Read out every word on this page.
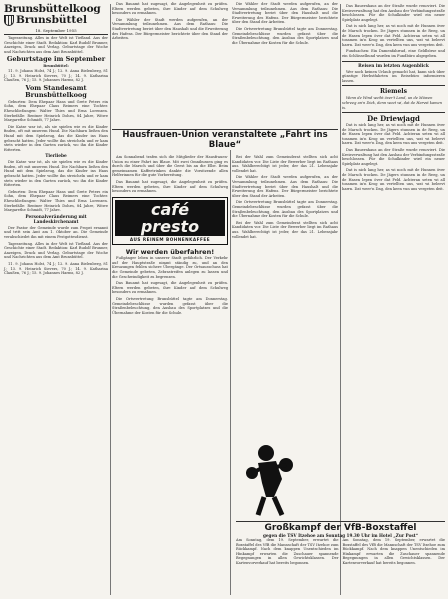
Brunsbüttelkoog
Brunsbüttel
18. September 1955
Tageszeitung. Alles in der Welt ist Tiefland. Aus der Geschichte einer Stadt. Redaktion: Karl Rudolf Brunner, Anzeigen, Druck und Verlag. Geburtstage der Woche und Nachrichten aus dem Amt Brunsbüttel.
Geburtstage im September
Brunsbüttel:
11. 9. Johann Holst, 74 J.; 12. 9. Anna Bielenberg, 81 J.; 13. 9. Heinrich Sievers, 70 J.; 14. 9. Katharina Claußen, 76 J.; 15. 9. Johannes Harms, 82 J.
Vom Standesamt Brunsbüttelkoog
Geburten: Dem Ehepaar Hans und Grete Peters ein Sohn, dem Ehepaar Claus Reimers eine Tochter. Eheschließungen: Walter Thies und Erna Lorenzen. Sterbefälle: Rentner Heinrich Dohrn, 84 Jahre, Witwe Margarethe Schmidt, 77 Jahre.
Die Katze war ist, als sie spielen wie es die Kinder finden, oft mit unserem Hund. Die Nachbarn ließen den Hund mit dem Spielzeug, das die Kinder ins Haus gebracht hatten. Jeder wollte ihn streicheln und er kam stets wieder in den Garten zurück, wo ihn die Kinder fütterten.
Tierliebe
Die Katze war ist, als sie spielen wie es die Kinder finden, oft mit unserem Hund. Die Nachbarn ließen den Hund mit dem Spielzeug, das die Kinder ins Haus gebracht hatten. Jeder wollte ihn streicheln und er kam stets wieder in den Garten zurück, wo ihn die Kinder fütterten.
Geburten: Dem Ehepaar Hans und Grete Peters ein Sohn, dem Ehepaar Claus Reimers eine Tochter. Eheschließungen: Walter Thies und Erna Lorenzen. Sterbefälle: Rentner Heinrich Dohrn, 84 Jahre, Witwe Margarethe Schmidt, 77 Jahre.
Personalveränderung mit Landeskirchenamt
Der Pastor der Gemeinde wurde zum Propst ernannt und tritt sein Amt am 1. Oktober an. Die Gemeinde verabschiedet ihn mit einem Festgottesdienst.
Tageszeitung. Alles in der Welt ist Tiefland. Aus der Geschichte einer Stadt. Redaktion: Karl Rudolf Brunner, Anzeigen, Druck und Verlag. Geburtstage der Woche und Nachrichten aus dem Amt Brunsbüttel.
11. 9. Johann Holst, 74 J.; 12. 9. Anna Bielenberg, 81 J.; 13. 9. Heinrich Sievers, 70 J.; 14. 9. Katharina Claußen, 76 J.; 15. 9. Johannes Harms, 82 J.
Das Bauamt hat zugesagt, die Angelegenheit zu prüfen. Eltern werden gebeten, ihre Kinder auf dem Schulweg besonders zu ermahnen.
Die Wähler der Stadt werden aufgerufen, an der Versammlung teilzunehmen. Aus dem Rathaus: Die Stadtvertretung beriet über den Haushalt und die Erweiterung des Hafens. Der Bürgermeister berichtete über den Stand der Arbeiten.
Am Sonnabend trafen sich die Mitglieder der Hausfrauen-Union zu einer Fahrt ins Blaue. Mit zwei Omnibussen ging es durch die Marsch und über die Geest bis an die Elbe. Beim gemeinsamen Kaffeetrinken dankte die Vorsitzende allen Helferinnen für die gute Vorbereitung.
Das Bauamt hat zugesagt, die Angelegenheit zu prüfen. Eltern werden gebeten, ihre Kinder auf dem Schulweg besonders zu ermahnen.
café presto
AUS REINEM BOHNENKAFFEE
Wir werden überfahren!
Fußgänger leben in unserer Stadt gefährlich. Der Verkehr auf der Hauptstraße nimmt ständig zu, und an den Kreuzungen fehlen sichere Übergänge. Der Ortsausschuss hat die Gemeinde gebeten, Zebrastreifen anlegen zu lassen und die Geschwindigkeit zu begrenzen.
Das Bauamt hat zugesagt, die Angelegenheit zu prüfen. Eltern werden gebeten, ihre Kinder auf dem Schulweg besonders zu ermahnen.
Die Ortsvertretung Brunsbüttel tagte am Donnerstag. Gemeindebeschlüsse wurden gefasst über die Straßenbeleuchtung, den Ausbau des Sportplatzes und die Übernahme der Kosten für die Schule.
Hausfrauen-Union veranstaltete „Fahrt ins Blaue“
Die Wähler der Stadt werden aufgerufen, an der Versammlung teilzunehmen. Aus dem Rathaus: Die Stadtvertretung beriet über den Haushalt und die Erweiterung des Hafens. Der Bürgermeister berichtete über den Stand der Arbeiten.
Die Ortsvertretung Brunsbüttel tagte am Donnerstag. Gemeindebeschlüsse wurden gefasst über die Straßenbeleuchtung, den Ausbau des Sportplatzes und die Übernahme der Kosten für die Schule.
Bei der Wahl zum Gemeinderat stellten sich acht Kandidaten vor. Die Liste der Bewerber liegt im Rathaus aus. Wahlberechtigt ist jeder, der das 21. Lebensjahr vollendet hat.
Die Wähler der Stadt werden aufgerufen, an der Versammlung teilzunehmen. Aus dem Rathaus: Die Stadtvertretung beriet über den Haushalt und die Erweiterung des Hafens. Der Bürgermeister berichtete über den Stand der Arbeiten.
Die Ortsvertretung Brunsbüttel tagte am Donnerstag. Gemeindebeschlüsse wurden gefasst über die Straßenbeleuchtung, den Ausbau des Sportplatzes und die Übernahme der Kosten für die Schule.
Bei der Wahl zum Gemeinderat stellten sich acht Kandidaten vor. Die Liste der Bewerber liegt im Rathaus aus. Wahlberechtigt ist jeder, der das 21. Lebensjahr vollendet hat.
Das Bauernhaus an der Straße wurde renoviert. Die Kreisverwaltung hat den Ausbau der Verbindungsstraße beschlossen. Für die Schulkinder wird ein neuer Spielplatz angelegt.
Dat is nich lang her, as wi noch mit de Hunnen över de Marsch trocken. De Jägers stunnen in de Reeg, un de Hasen lepen över dat Feld. Achteran seten wi all tosamen in'n Krog un vertellten uns, wat wi beleevt harrn. Dat weer'n Dag, den keen vun uns vergeten deit.
Fundsachen: Ein Damenfahrrad, eine Geldbörse und ein Schlüsselbund wurden im Fundbüro abgegeben.
Reisen im letzten Augenblick
Wer noch keinen Urlaub gemacht hat, kann sich über günstige Herbstfahrten im Reisebüro informieren lassen.
Riemels
Wenn de Wind weiht över't Land, un de Möwen schreeg an'n Diek, denn weet wi, dat de Harvst kamen is.
De Driewjagd
Dat is nich lang her, as wi noch mit de Hunnen över de Marsch trocken. De Jägers stunnen in de Reeg, un de Hasen lepen över dat Feld. Achteran seten wi all tosamen in'n Krog un vertellten uns, wat wi beleevt harrn. Dat weer'n Dag, den keen vun uns vergeten deit.
Das Bauernhaus an der Straße wurde renoviert. Die Kreisverwaltung hat den Ausbau der Verbindungsstraße beschlossen. Für die Schulkinder wird ein neuer Spielplatz angelegt.
Dat is nich lang her, as wi noch mit de Hunnen över de Marsch trocken. De Jägers stunnen in de Reeg, un de Hasen lepen över dat Feld. Achteran seten wi all tosamen in'n Krog un vertellten uns, wat wi beleevt harrn. Dat weer'n Dag, den keen vun uns vergeten deit.
Großkampf der VfB-Boxstaffel
gegen die TSV Itzehoe am Sonntag 19.30 Uhr im Hotel „Zur Post“
Am Sonntag, dem 19. September, erwartet die Boxstaffel des VfB die Mannschaft der TSV Itzehoe zum Rückkampf. Nach dem knappen Unentschieden im Hinkampf erwarten die Zuschauer spannende Begegnungen in allen Gewichtsklassen. Der Kartenvorverkauf hat bereits begonnen.
Am Sonntag, dem 19. September, erwartet die Boxstaffel des VfB die Mannschaft der TSV Itzehoe zum Rückkampf. Nach dem knappen Unentschieden im Hinkampf erwarten die Zuschauer spannende Begegnungen in allen Gewichtsklassen. Der Kartenvorverkauf hat bereits begonnen.
